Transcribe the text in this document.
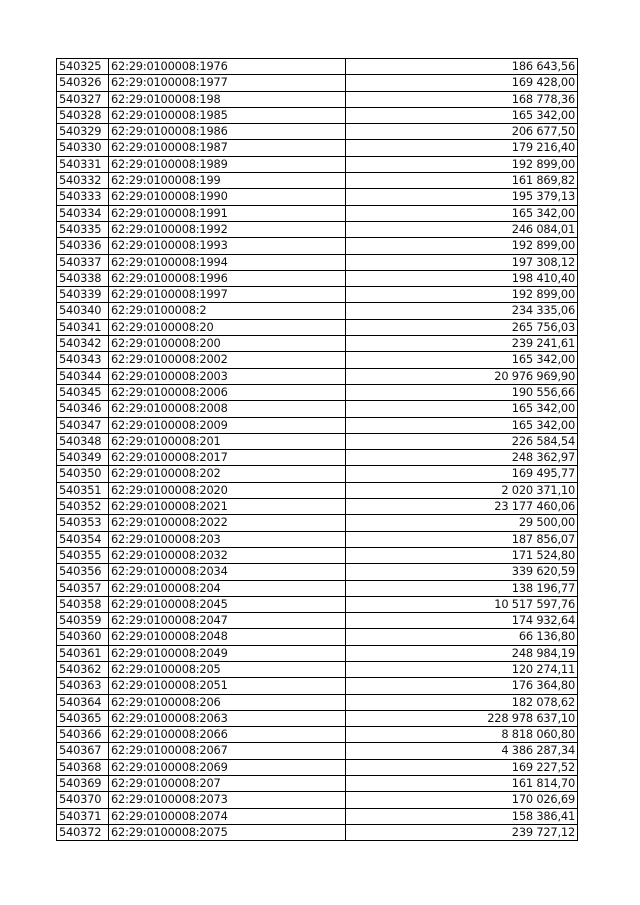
540325	62:29:0100008:1976	186 643,56
540326	62:29:0100008:1977	169 428,00
540327	62:29:0100008:198	168 778,36
540328	62:29:0100008:1985	165 342,00
540329	62:29:0100008:1986	206 677,50
540330	62:29:0100008:1987	179 216,40
540331	62:29:0100008:1989	192 899,00
540332	62:29:0100008:199	161 869,82
540333	62:29:0100008:1990	195 379,13
540334	62:29:0100008:1991	165 342,00
540335	62:29:0100008:1992	246 084,01
540336	62:29:0100008:1993	192 899,00
540337	62:29:0100008:1994	197 308,12
540338	62:29:0100008:1996	198 410,40
540339	62:29:0100008:1997	192 899,00
540340	62:29:0100008:2	234 335,06
540341	62:29:0100008:20	265 756,03
540342	62:29:0100008:200	239 241,61
540343	62:29:0100008:2002	165 342,00
540344	62:29:0100008:2003	20 976 969,90
540345	62:29:0100008:2006	190 556,66
540346	62:29:0100008:2008	165 342,00
540347	62:29:0100008:2009	165 342,00
540348	62:29:0100008:201	226 584,54
540349	62:29:0100008:2017	248 362,97
540350	62:29:0100008:202	169 495,77
540351	62:29:0100008:2020	2 020 371,10
540352	62:29:0100008:2021	23 177 460,06
540353	62:29:0100008:2022	29 500,00
540354	62:29:0100008:203	187 856,07
540355	62:29:0100008:2032	171 524,80
540356	62:29:0100008:2034	339 620,59
540357	62:29:0100008:204	138 196,77
540358	62:29:0100008:2045	10 517 597,76
540359	62:29:0100008:2047	174 932,64
540360	62:29:0100008:2048	66 136,80
540361	62:29:0100008:2049	248 984,19
540362	62:29:0100008:205	120 274,11
540363	62:29:0100008:2051	176 364,80
540364	62:29:0100008:206	182 078,62
540365	62:29:0100008:2063	228 978 637,10
540366	62:29:0100008:2066	8 818 060,80
540367	62:29:0100008:2067	4 386 287,34
540368	62:29:0100008:2069	169 227,52
540369	62:29:0100008:207	161 814,70
540370	62:29:0100008:2073	170 026,69
540371	62:29:0100008:2074	158 386,41
540372	62:29:0100008:2075	239 727,12
